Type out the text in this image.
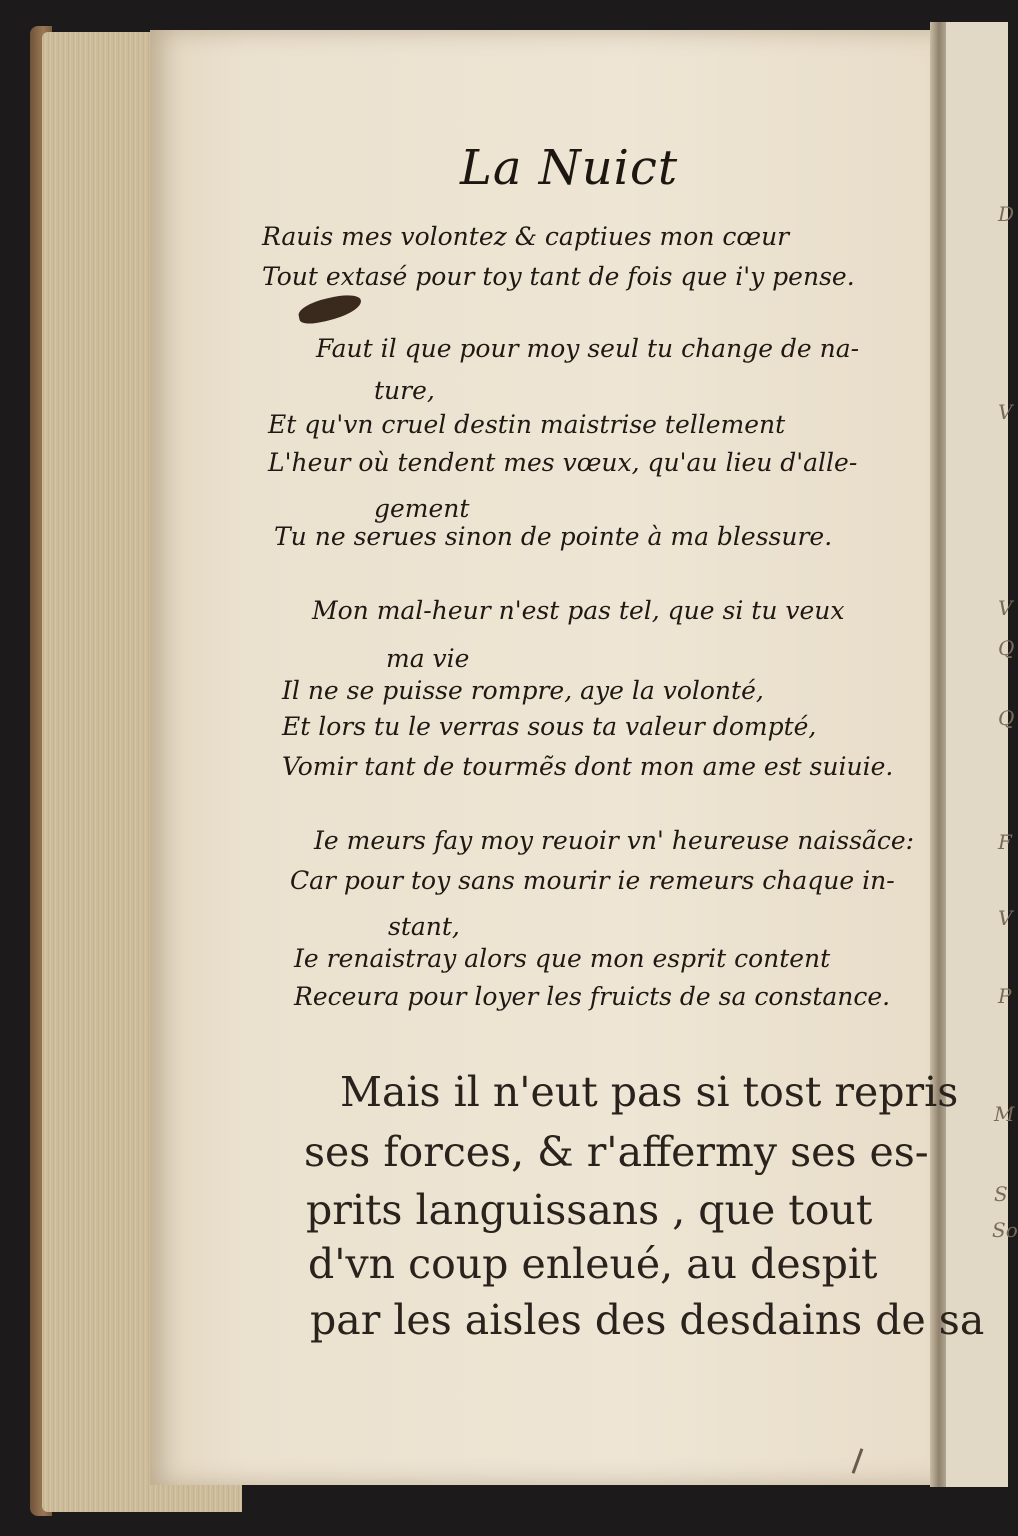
D
V
V
Q
Q
F
V
P
M
S
So
La Nuict
Rauis mes volontez & captiues mon cœur
Tout extasé pour toy tant de fois que i'y pense.
Faut il que pour moy seul tu change de na-
ture,
Et qu'vn cruel destin maistrise tellement
L'heur où tendent mes vœux, qu'au lieu d'alle-
gement
Tu ne serues sinon de pointe à ma blessure.
Mon mal-heur n'est pas tel, que si tu veux
ma vie
Il ne se puisse rompre, aye la volonté,
Et lors tu le verras sous ta valeur dompté,
Vomir tant de tourmẽs dont mon ame est suiuie.
Ie meurs fay moy reuoir vn' heureuse naissãce:
Car pour toy sans mourir ie remeurs chaque in-
stant,
Ie renaistray alors que mon esprit content
Receura pour loyer les fruicts de sa constance.
Mais il n'eut pas si tost repris
ses forces, & r'affermy ses es-
prits languissans , que tout
d'vn coup enleué, au despit
par les aisles des desdains de sa
